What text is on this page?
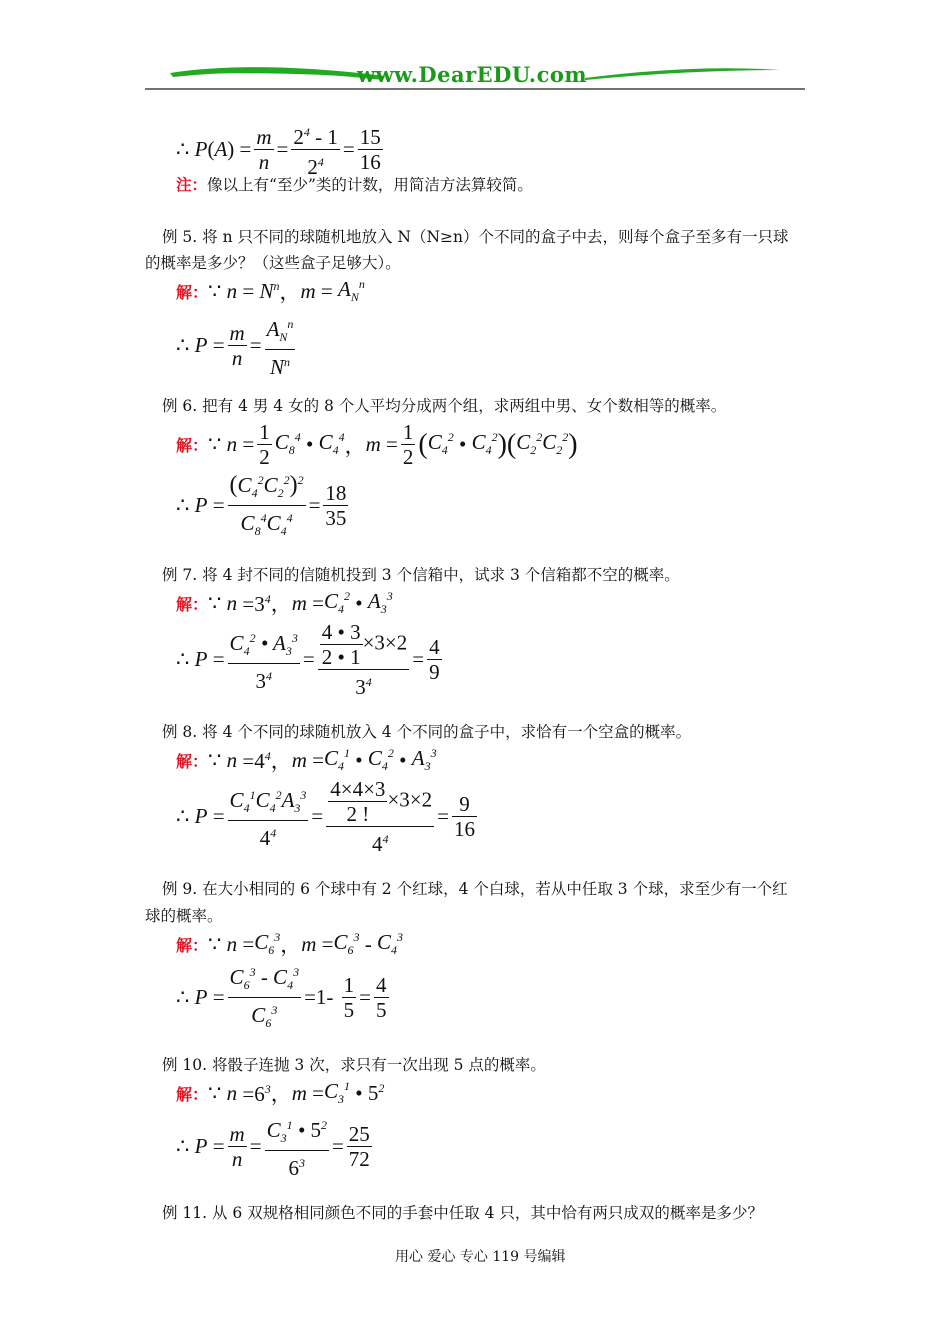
www.DearEDU.com
∴ P ( A ) = $\frac{m}{n} = \frac{2^4 - 1}{2^4} = \frac{15}{16}$
注：像以上有“至少”类的计数，用简洁方法算较简。
例 5. 将 n 只不同的球随机地放入 N（N≥n）个不同的盒子中去，则每个盒子至多有一只球
的概率是多少？（这些盒子足够大）。
解： ∵ $n = N^n$ ， $m = A_N^n$
∴ $P = \frac{m}{n} = \frac{A_N^n}{N^n}$
例 6. 把有 4 男 4 女的 8 个人平均分成两个组，求两组中男、女个数相等的概率。
解： ∵ $n = \frac{1}{2} C_8^4$ • $C_4^4$ ， $m = \frac{1}{2}$ ( $C_4^2$ • $C_4^2$ )( $C_2^2C_2^2$ )
∴ $P = \frac{(C_4^2C_2^2)^2}{C_8^4C_4^4} = \frac{18}{35}$
例 7. 将 4 封不同的信随机投到 3 个信箱中，试求 3 个信箱都不空的概率。
解： ∵ $n =3^4$， $m = C_4^2$ • $A_3^3$
∴ $P = \frac{C_4^2 • A_3^3}{3^4} = \frac{\frac{4 • 3}{2 • 1} \times 3\times 2}{3^4} = \frac{4}{9}$
例 8. 将 4 个不同的球随机放入 4 个不同的盒子中，求恰有一个空盒的概率。
解： ∵ $n =4^4$， $m = C_4^1$ • $C_4^2$ • $A_3^3$
∴ $P = \frac{C_4^1C_4^2A_3^3}{4^4} = \frac{\frac{4\times 4\times 3}{2 !} \times 3\times 2}{4^4} = \frac{9}{16}$
例 9. 在大小相同的 6 个球中有 2 个红球，4 个白球，若从中任取 3 个球，求至少有一个红
球的概率。
解： ∵ $n = C_6^3$ ， $m = C_6^3 - C_4^3$
∴ $P = \frac{C_6^3 - C_4^3}{C_6^3} =1- \frac{1}{5} = \frac{4}{5}$
例 10. 将骰子连抛 3 次，求只有一次出现 5 点的概率。
解： ∵ $n =6^3$， $m = C_3^1$ • $5^2$
∴ $P = \frac{m}{n} = \frac{C_3^1 • 5^2}{6^3} = \frac{25}{72}$
例 11. 从 6 双规格相同颜色不同的手套中任取 4 只，其中恰有两只成双的概率是多少？
用心 爱心 专心 119 号编辑
